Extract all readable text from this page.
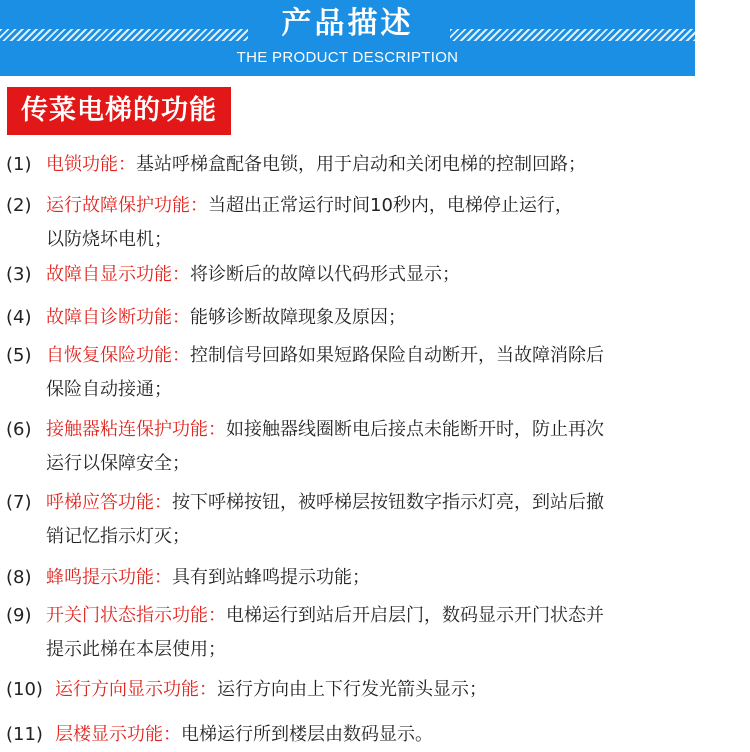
产品描述
THE PRODUCT DESCRIPTION
传菜电梯的功能
(1) 电锁功能：基站呼梯盒配备电锁，用于启动和关闭电梯的控制回路；
(2) 运行故障保护功能：当超出正常运行时间10秒内，电梯停止运行，
以防烧坏电机；
(3) 故障自显示功能：将诊断后的故障以代码形式显示；
(4) 故障自诊断功能：能够诊断故障现象及原因；
(5) 自恢复保险功能：控制信号回路如果短路保险自动断开，当故障消除后
保险自动接通；
(6) 接触器粘连保护功能：如接触器线圈断电后接点未能断开时，防止再次
运行以保障安全；
(7) 呼梯应答功能：按下呼梯按钮，被呼梯层按钮数字指示灯亮，到站后撤
销记忆指示灯灭；
(8) 蜂鸣提示功能：具有到站蜂鸣提示功能；
(9) 开关门状态指示功能：电梯运行到站后开启层门，数码显示开门状态并
提示此梯在本层使用；
(10) 运行方向显示功能：运行方向由上下行发光箭头显示；
(11) 层楼显示功能：电梯运行所到楼层由数码显示。
